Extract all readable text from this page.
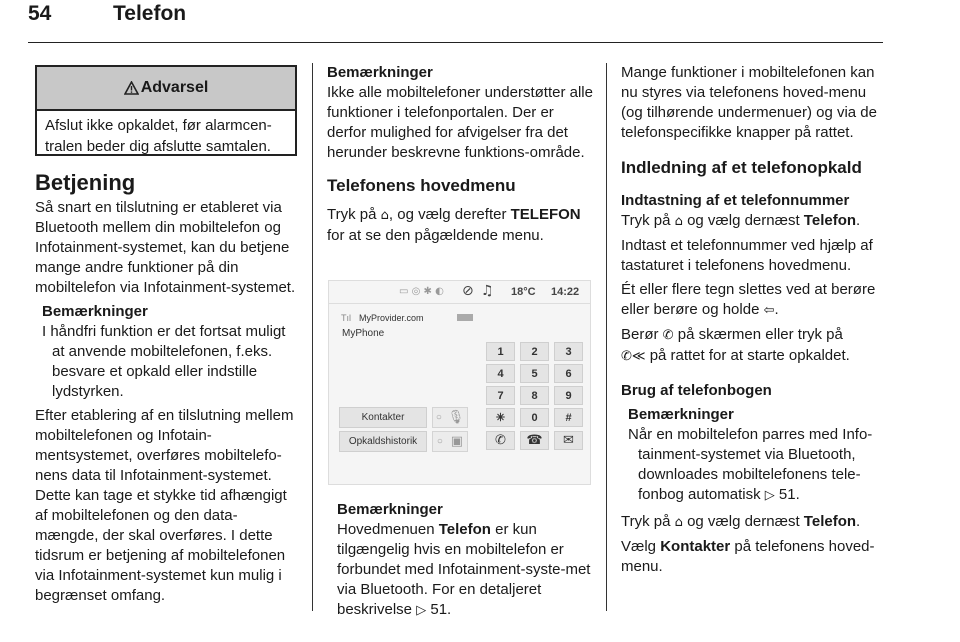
54	Telefon
Advarsel
Afslut ikke opkaldet, før alarmcen-tralen beder dig afslutte samtalen.
Betjening

Så snart en tilslutning er etableret via Bluetooth mellem din mobiltelefon og Infotainment-systemet, kan du betjene mange andre funktioner på din mobiltelefon via Infotainment-systemet.

Bemærkninger

I håndfri funktion er det fortsat muligt at anvende mobiltelefonen, f.eks. besvare et opkald eller indstille lydstyrken.

Efter etablering af en tilslutning mellem mobiltelefonen og Infotain-mentsystemet, overføres mobiltelefo-nens data til Infotainment-systemet. Dette kan tage et stykke tid afhængigt af mobiltelefonen og den data-mængde, der skal overføres. I dette tidsrum er betjening af mobiltelefonen via Infotainment-systemet kun mulig i begrænset omfang.

Bemærkninger

Ikke alle mobiltelefoner understøtter alle funktioner i telefonportalen. Der er derfor mulighed for afvigelser fra det herunder beskrevne funktions-område.

Telefonens hovedmenu

Tryk på ⌂, og vælg derefter TELEFON for at se den pågældende menu.

▭ ◎ ✱ ◐ ⊘ ♫ 18°C 14:22
MyProvider.com
Tıl
MyPhone
1	2	3
4	5	6
7	8	9
✳	0	#
✆ ☎ ✉
Kontakter	○ 🎙
Opkaldshistorik	○ ▣
Bemærkninger

Hovedmenuen Telefon er kun tilgængelig hvis en mobiltelefon er forbundet med Infotainment-syste-met via Bluetooth. For en detaljeret beskrivelse ▷ 51.

Mange funktioner i mobiltelefonen kan nu styres via telefonens hoved-menu (og tilhørende undermenuer) og via de telefonspecifikke knapper på rattet.

Indledning af et telefonopkald
Indtastning af et telefonnummer

Tryk på ⌂ og vælg dernæst Telefon.

Indtast et telefonnummer ved hjælp af tastaturet i telefonens hovedmenu.

Ét eller flere tegn slettes ved at berøre eller berøre og holde ⇦.

Berør ✆ på skærmen eller tryk på
✆≪ på rattet for at starte opkaldet.

Brug af telefonbogen
Bemærkninger

Når en mobiltelefon parres med Info-tainment-systemet via Bluetooth, downloades mobiltelefonens tele-fonbog automatisk ▷ 51.

Tryk på ⌂ og vælg dernæst Telefon.

Vælg Kontakter på telefonens hoved-menu.
